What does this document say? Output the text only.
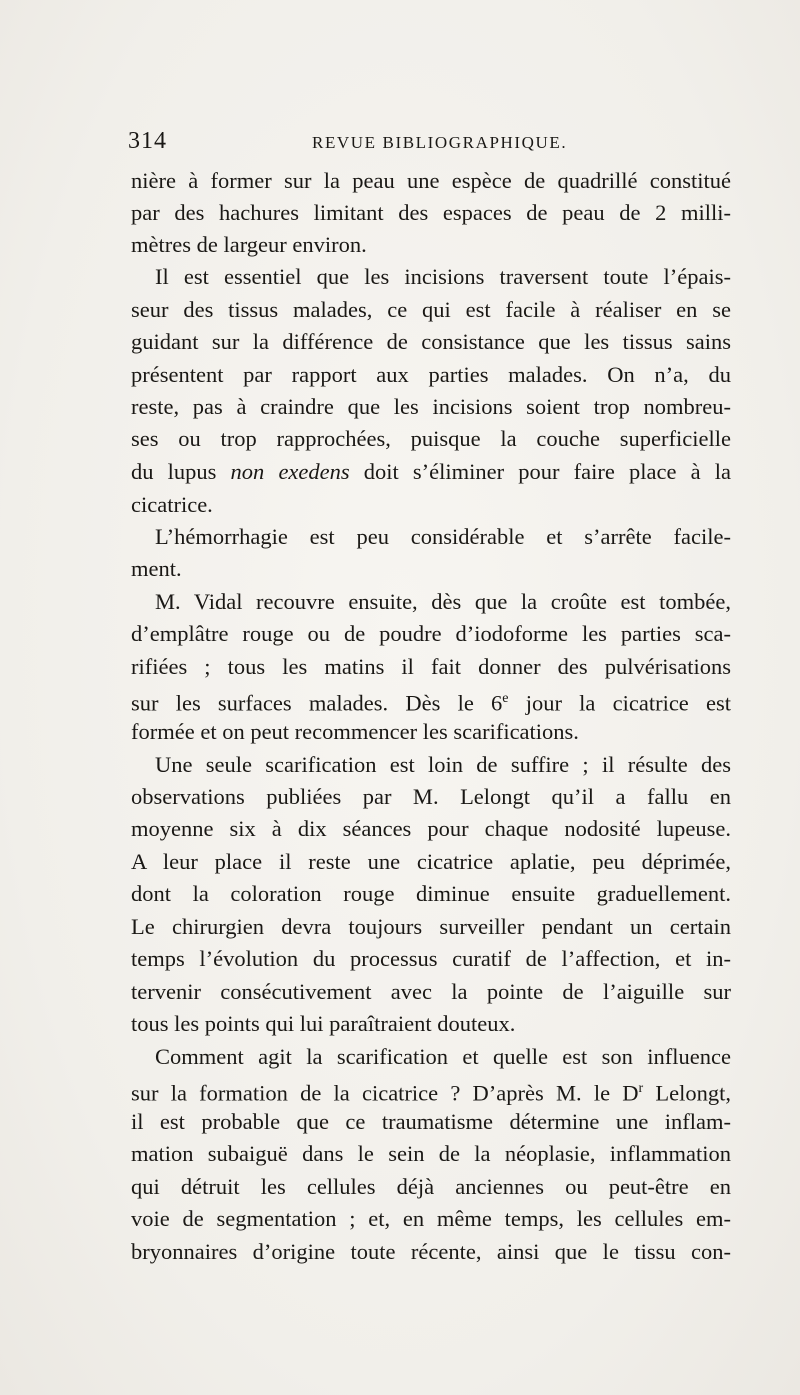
314	REVUE BIBLIOGRAPHIQUE.
nière à former sur la peau une espèce de quadrillé constitué
par des hachures limitant des espaces de peau de 2 milli-
mètres de largeur environ.
Il est essentiel que les incisions traversent toute l’épais-
seur des tissus malades, ce qui est facile à réaliser en se
guidant sur la différence de consistance que les tissus sains
présentent par rapport aux parties malades. On n’a, du
reste, pas à craindre que les incisions soient trop nombreu-
ses ou trop rapprochées, puisque la couche superficielle
du lupus non exedens doit s’éliminer pour faire place à la
cicatrice.
L’hémorrhagie est peu considérable et s’arrête facile-
ment.
M. Vidal recouvre ensuite, dès que la croûte est tombée,
d’emplâtre rouge ou de poudre d’iodoforme les parties sca-
rifiées ; tous les matins il fait donner des pulvérisations
sur les surfaces malades. Dès le 6e jour la cicatrice est
formée et on peut recommencer les scarifications.
Une seule scarification est loin de suffire ; il résulte des
observations publiées par M. Lelongt qu’il a fallu en
moyenne six à dix séances pour chaque nodosité lupeuse.
A leur place il reste une cicatrice aplatie, peu déprimée,
dont la coloration rouge diminue ensuite graduellement.
Le chirurgien devra toujours surveiller pendant un certain
temps l’évolution du processus curatif de l’affection, et in-
tervenir consécutivement avec la pointe de l’aiguille sur
tous les points qui lui paraîtraient douteux.
Comment agit la scarification et quelle est son influence
sur la formation de la cicatrice ? D’après M. le $D^r$ Lelongt,
il est probable que ce traumatisme détermine une inflam-
mation subaiguë dans le sein de la néoplasie, inflammation
qui détruit les cellules déjà anciennes ou peut-être en
voie de segmentation ; et, en même temps, les cellules em-
bryonnaires d’origine toute récente, ainsi que le tissu con-
